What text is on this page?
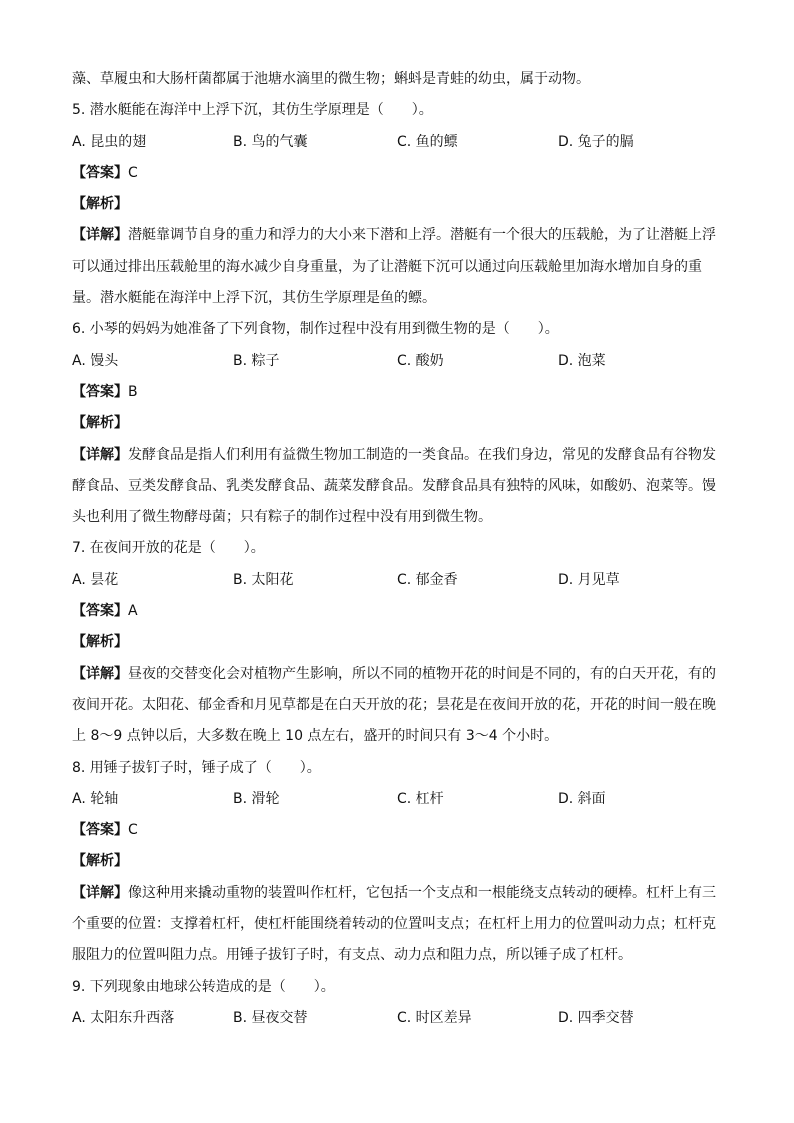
藻、草履虫和大肠杆菌都属于池塘水滴里的微生物；蝌蚪是青蛙的幼虫，属于动物。
5. 潜水艇能在海洋中上浮下沉，其仿生学原理是（　　）。
A. 昆虫的翅	B. 鸟的气囊	C. 鱼的鳔	D. 兔子的膈
【答案】C
【解析】
【详解】潜艇靠调节自身的重力和浮力的大小来下潜和上浮。潜艇有一个很大的压载舱，为了让潜艇上浮
可以通过排出压载舱里的海水减少自身重量，为了让潜艇下沉可以通过向压载舱里加海水增加自身的重
量。潜水艇能在海洋中上浮下沉，其仿生学原理是鱼的鳔。
6. 小琴的妈妈为她准备了下列食物，制作过程中没有用到微生物的是（　　）。
A. 馒头	B. 粽子	C. 酸奶	D. 泡菜
【答案】B
【解析】
【详解】发酵食品是指人们利用有益微生物加工制造的一类食品。在我们身边，常见的发酵食品有谷物发
酵食品、豆类发酵食品、乳类发酵食品、蔬菜发酵食品。发酵食品具有独特的风味，如酸奶、泡菜等。馒
头也利用了微生物酵母菌；只有粽子的制作过程中没有用到微生物。
7. 在夜间开放的花是（　　）。
A. 昙花	B. 太阳花	C. 郁金香	D. 月见草
【答案】A
【解析】
【详解】昼夜的交替变化会对植物产生影响，所以不同的植物开花的时间是不同的，有的白天开花，有的
夜间开花。太阳花、郁金香和月见草都是在白天开放的花；昙花是在夜间开放的花，开花的时间一般在晚
上 8～9 点钟以后，大多数在晚上 10 点左右，盛开的时间只有 3～4 个小时。
8. 用锤子拔钉子时，锤子成了（　　）。
A. 轮轴	B. 滑轮	C. 杠杆	D. 斜面
【答案】C
【解析】
【详解】像这种用来撬动重物的装置叫作杠杆，它包括一个支点和一根能绕支点转动的硬棒。杠杆上有三
个重要的位置：支撑着杠杆，使杠杆能围绕着转动的位置叫支点；在杠杆上用力的位置叫动力点；杠杆克
服阻力的位置叫阻力点。用锤子拔钉子时，有支点、动力点和阻力点，所以锤子成了杠杆。
9. 下列现象由地球公转造成的是（　　）。
A. 太阳东升西落	B. 昼夜交替	C. 时区差异	D. 四季交替
